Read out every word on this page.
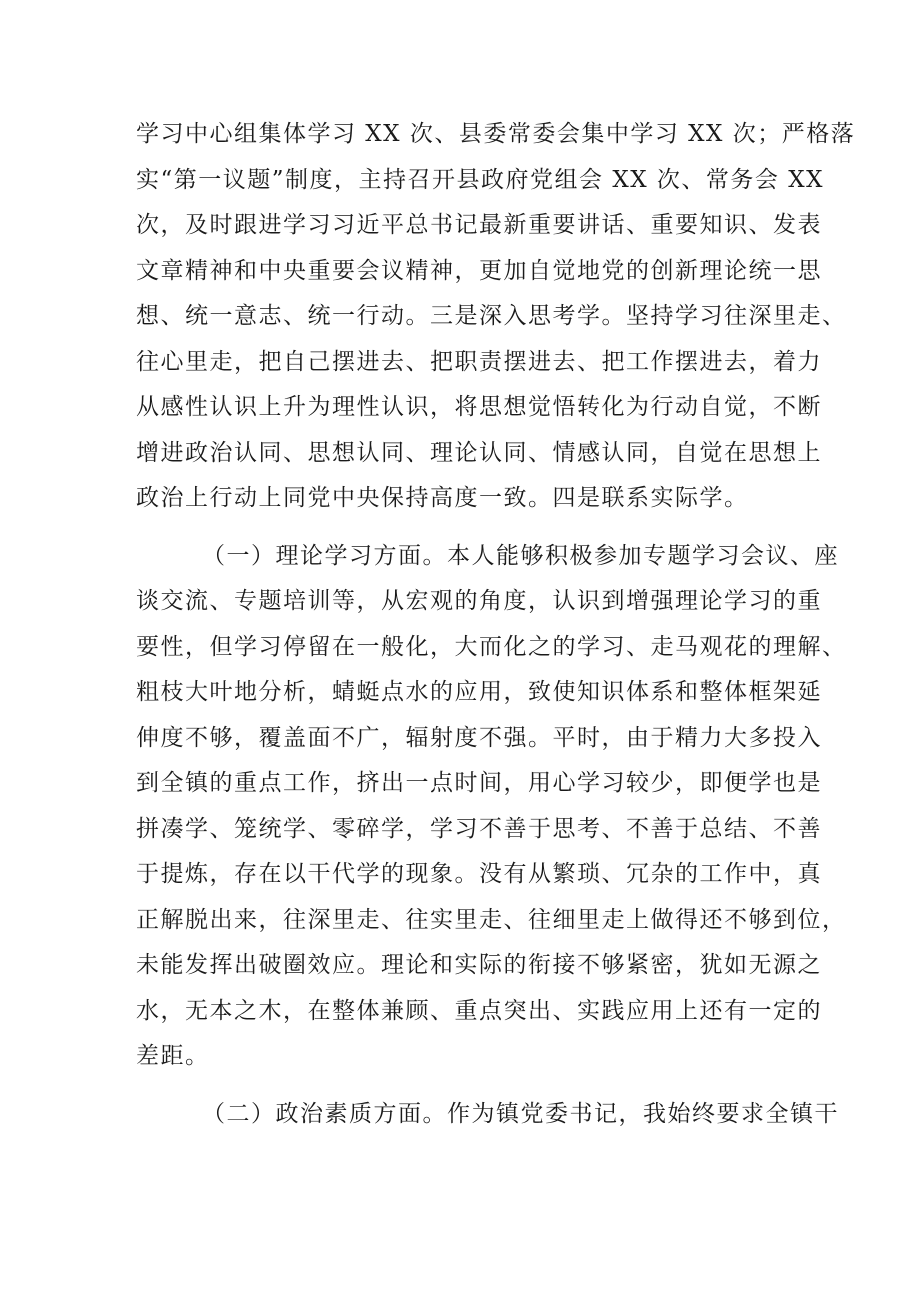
学习中心组集体学习 XX 次、县委常委会集中学习 XX 次；严格落
实“第一议题”制度，主持召开县政府党组会 XX 次、常务会 XX
次，及时跟进学习习近平总书记最新重要讲话、重要知识、发表
文章精神和中央重要会议精神，更加自觉地党的创新理论统一思
想、统一意志、统一行动。三是深入思考学。坚持学习往深里走、
往心里走，把自己摆进去、把职责摆进去、把工作摆进去，着力
从感性认识上升为理性认识，将思想觉悟转化为行动自觉，不断
增进政治认同、思想认同、理论认同、情感认同，自觉在思想上
政治上行动上同党中央保持高度一致。四是联系实际学。
（一）理论学习方面。本人能够积极参加专题学习会议、座
谈交流、专题培训等，从宏观的角度，认识到增强理论学习的重
要性，但学习停留在一般化，大而化之的学习、走马观花的理解、
粗枝大叶地分析，蜻蜓点水的应用，致使知识体系和整体框架延
伸度不够，覆盖面不广，辐射度不强。平时，由于精力大多投入
到全镇的重点工作，挤出一点时间，用心学习较少，即便学也是
拼凑学、笼统学、零碎学，学习不善于思考、不善于总结、不善
于提炼，存在以干代学的现象。没有从繁琐、冗杂的工作中，真
正解脱出来，往深里走、往实里走、往细里走上做得还不够到位，
未能发挥出破圈效应。理论和实际的衔接不够紧密，犹如无源之
水，无本之木，在整体兼顾、重点突出、实践应用上还有一定的
差距。
（二）政治素质方面。作为镇党委书记，我始终要求全镇干
